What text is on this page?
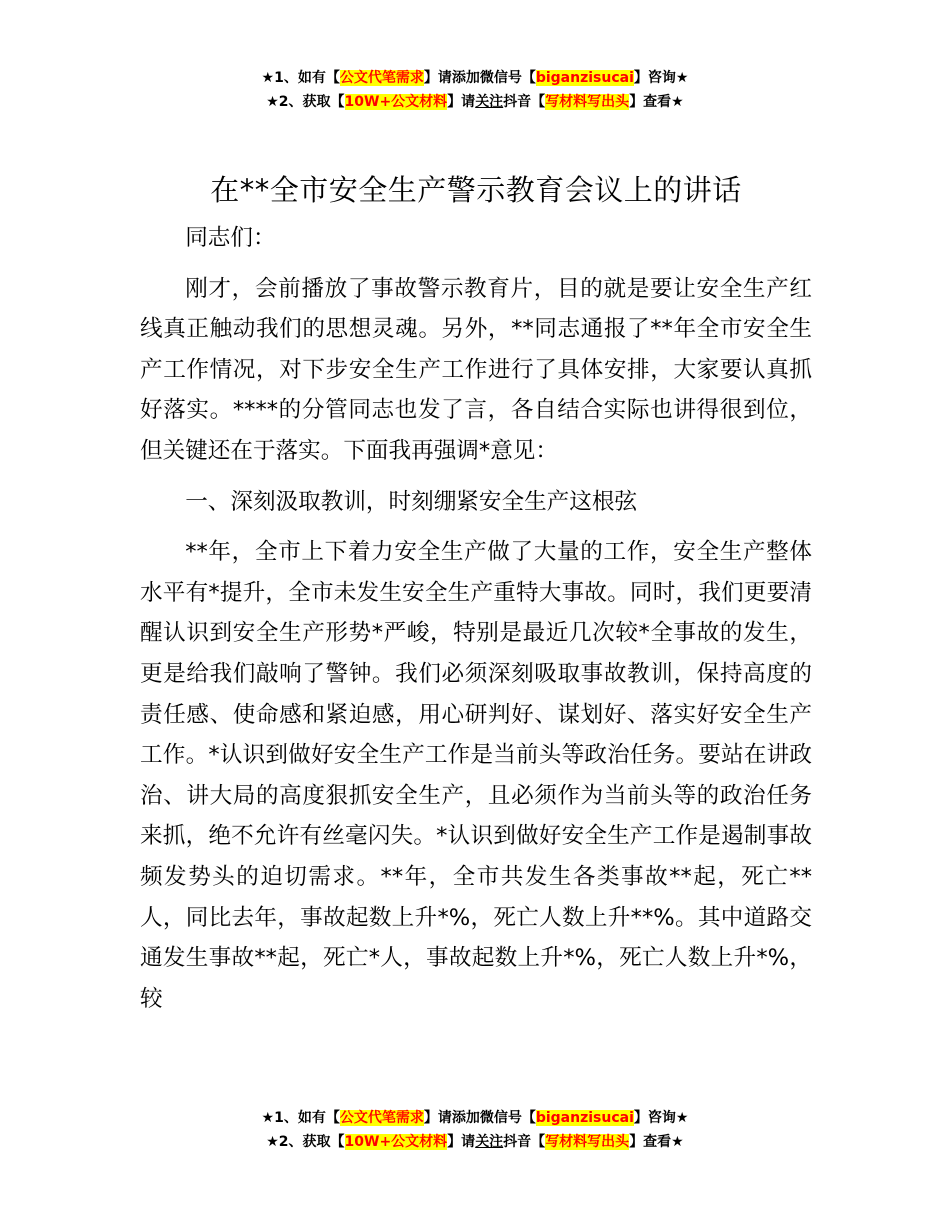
★1、如有【公文代笔需求】请添加微信号【biganzisucai】咨询★
★2、获取【10W+公文材料】请关注抖音【写材料写出头】查看★
在**全市安全生产警示教育会议上的讲话

同志们：

刚才，会前播放了事故警示教育片，目的就是要让安全生产红线真正触动我们的思想灵魂。另外，**同志通报了**年全市安全生产工作情况，对下步安全生产工作进行了具体安排，大家要认真抓好落实。****的分管同志也发了言，各自结合实际也讲得很到位，但关键还在于落实。下面我再强调*意见：

一、深刻汲取教训，时刻绷紧安全生产这根弦

**年，全市上下着力安全生产做了大量的工作，安全生产整体水平有*提升，全市未发生安全生产重特大事故。同时，我们更要清醒认识到安全生产形势*严峻，特别是最近几次较*全事故的发生，更是给我们敲响了警钟。我们必须深刻吸取事故教训，保持高度的责任感、使命感和紧迫感，用心研判好、谋划好、落实好安全生产工作。*认识到做好安全生产工作是当前头等政治任务。要站在讲政治、讲大局的高度狠抓安全生产，且必须作为当前头等的政治任务来抓，绝不允许有丝毫闪失。*认识到做好安全生产工作是遏制事故频发势头的迫切需求。**年，全市共发生各类事故**起，死亡**人，同比去年，事故起数上升*%，死亡人数上升**%。其中道路交通发生事故**起，死亡*人，事故起数上升*%，死亡人数上升*%，较

★1、如有【公文代笔需求】请添加微信号【biganzisucai】咨询★
★2、获取【10W+公文材料】请关注抖音【写材料写出头】查看★
